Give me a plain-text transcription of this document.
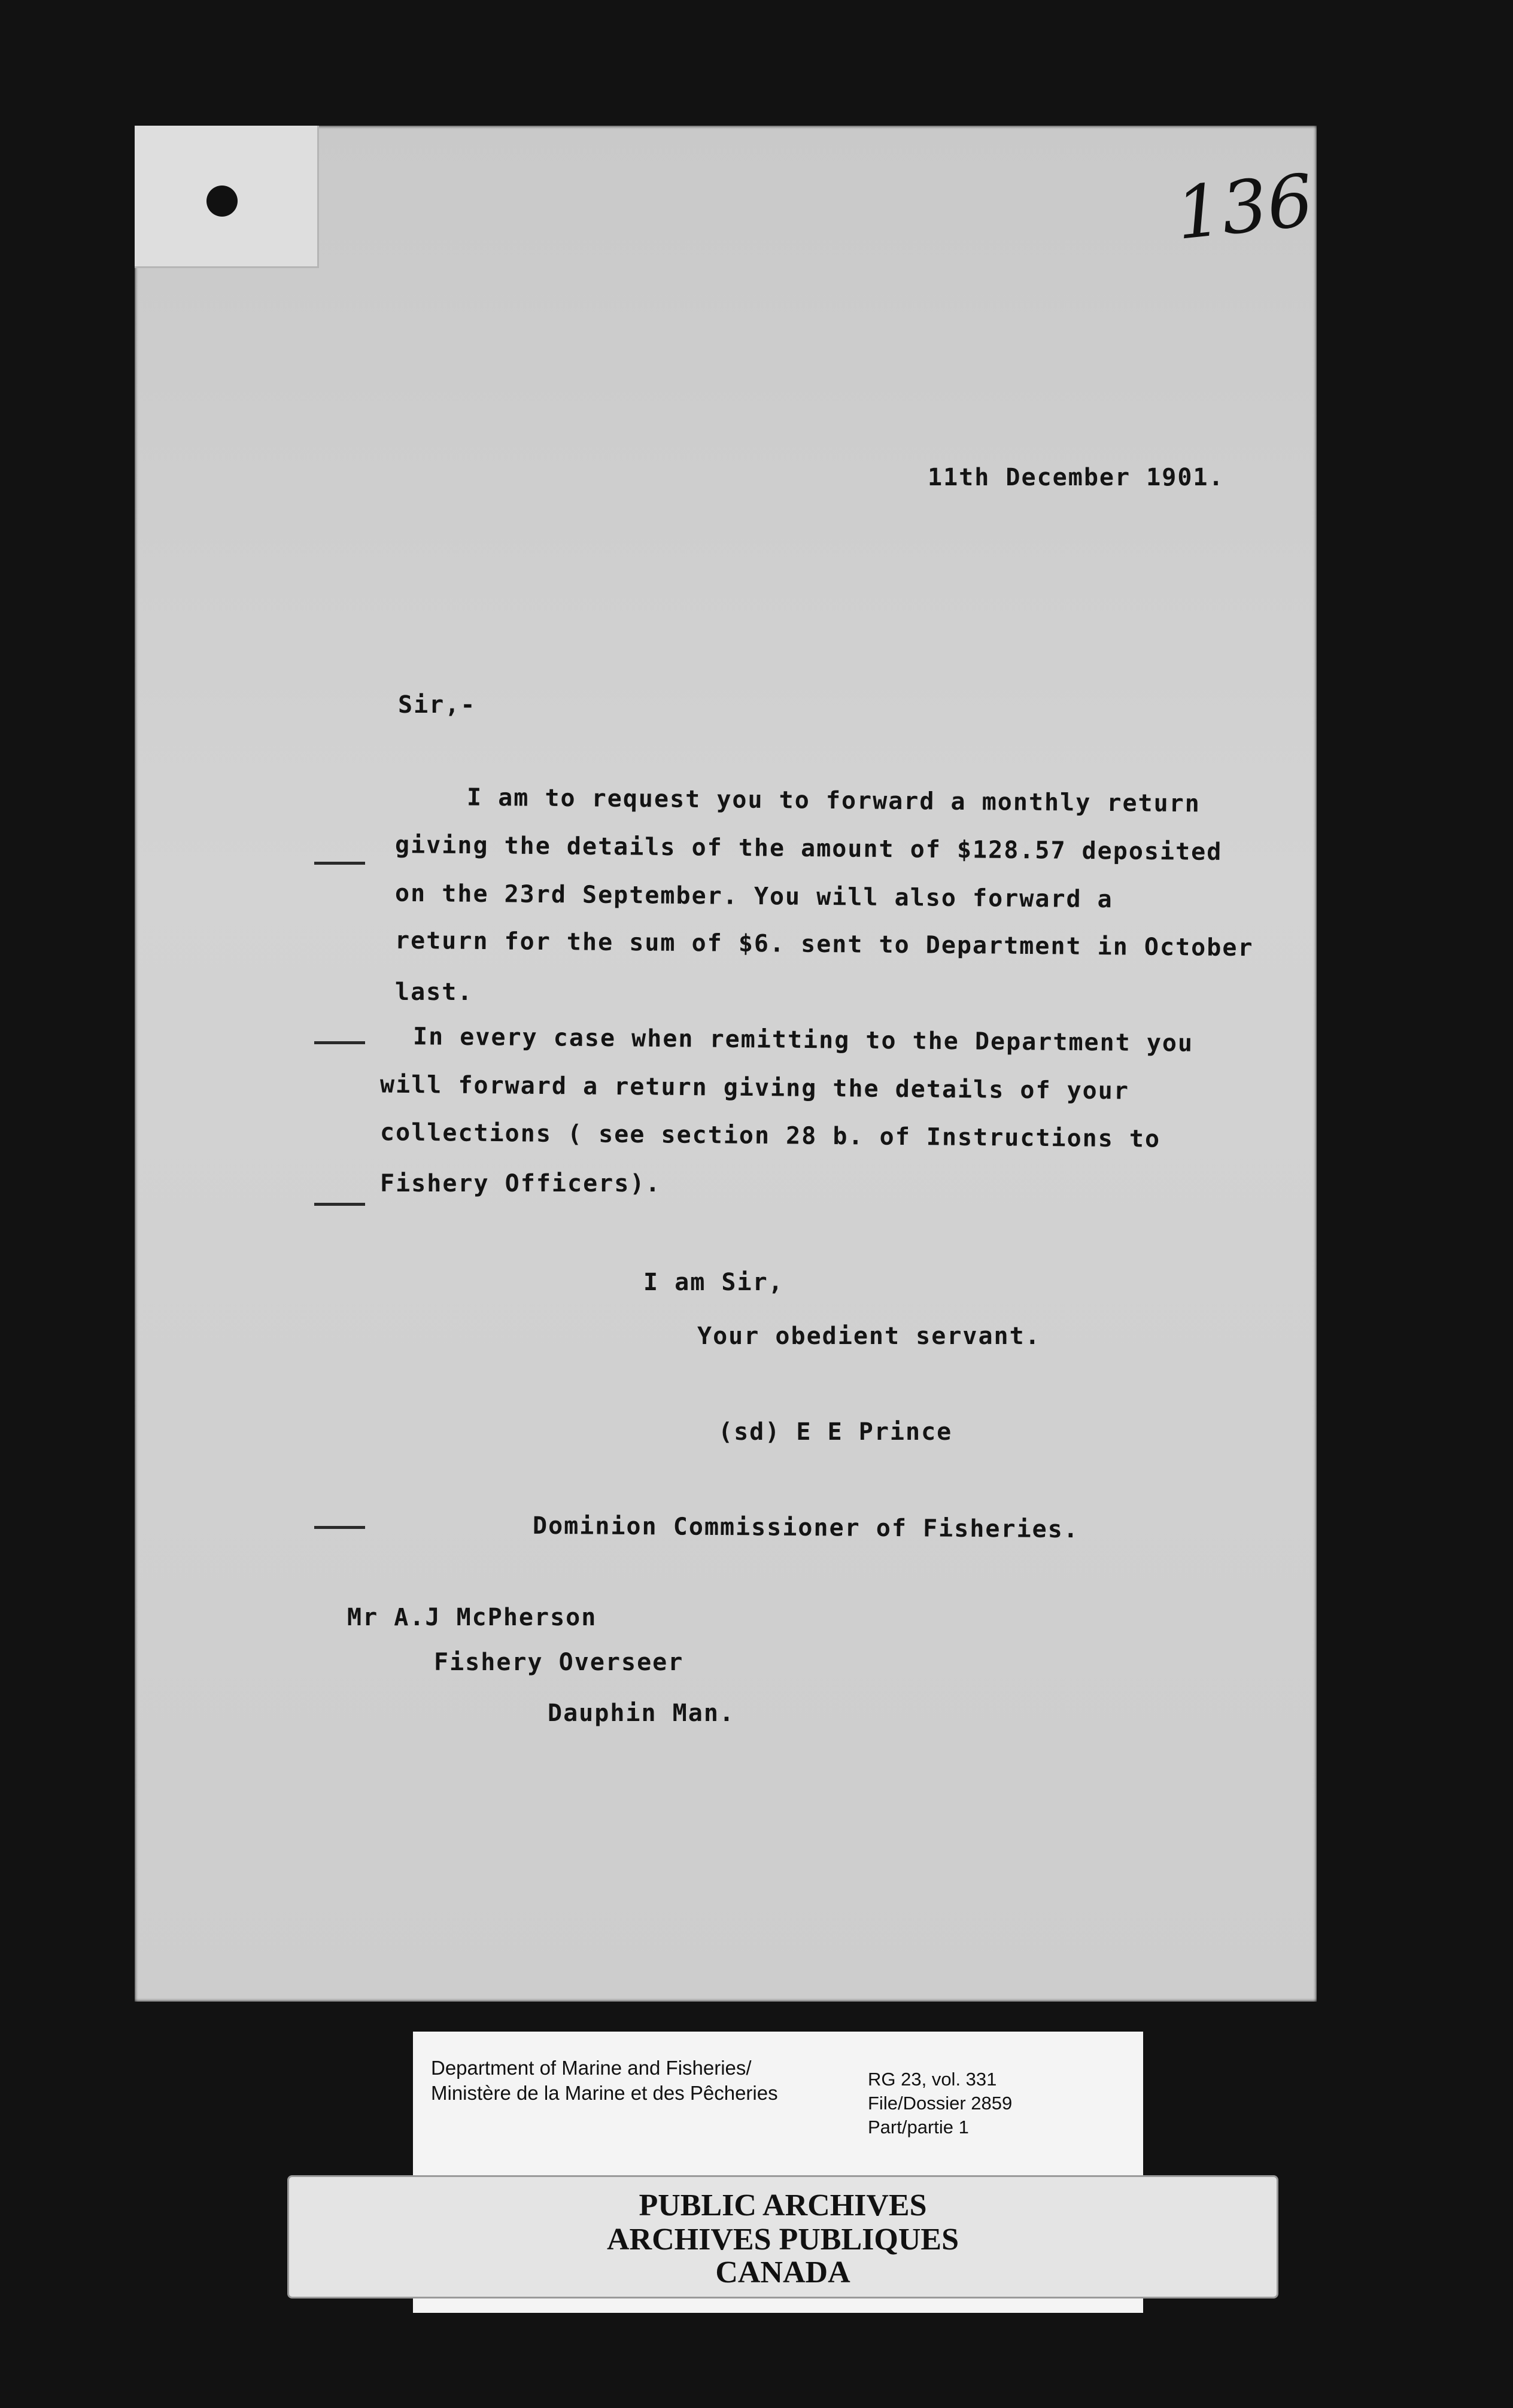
136
11th December 1901.
Sir,-
I am to request you to forward a monthly return
giving the details of the amount of $128.57 deposited
on the 23rd September. You will also forward a
return for the sum of $6. sent to Department in October
last.
In every case when remitting to the Department you
will forward a return giving the details of your
collections ( see section 28 b. of Instructions to
Fishery Officers).
I am Sir,
Your obedient servant.
(sd) E E Prince
Dominion Commissioner of Fisheries.
Mr A.J McPherson
Fishery Overseer
Dauphin Man.
Department of Marine and Fisheries/
Ministère de la Marine et des Pêcheries
RG 23, vol. 331
File/Dossier 2859
Part/partie 1
PUBLIC ARCHIVES
ARCHIVES PUBLIQUES
CANADA
